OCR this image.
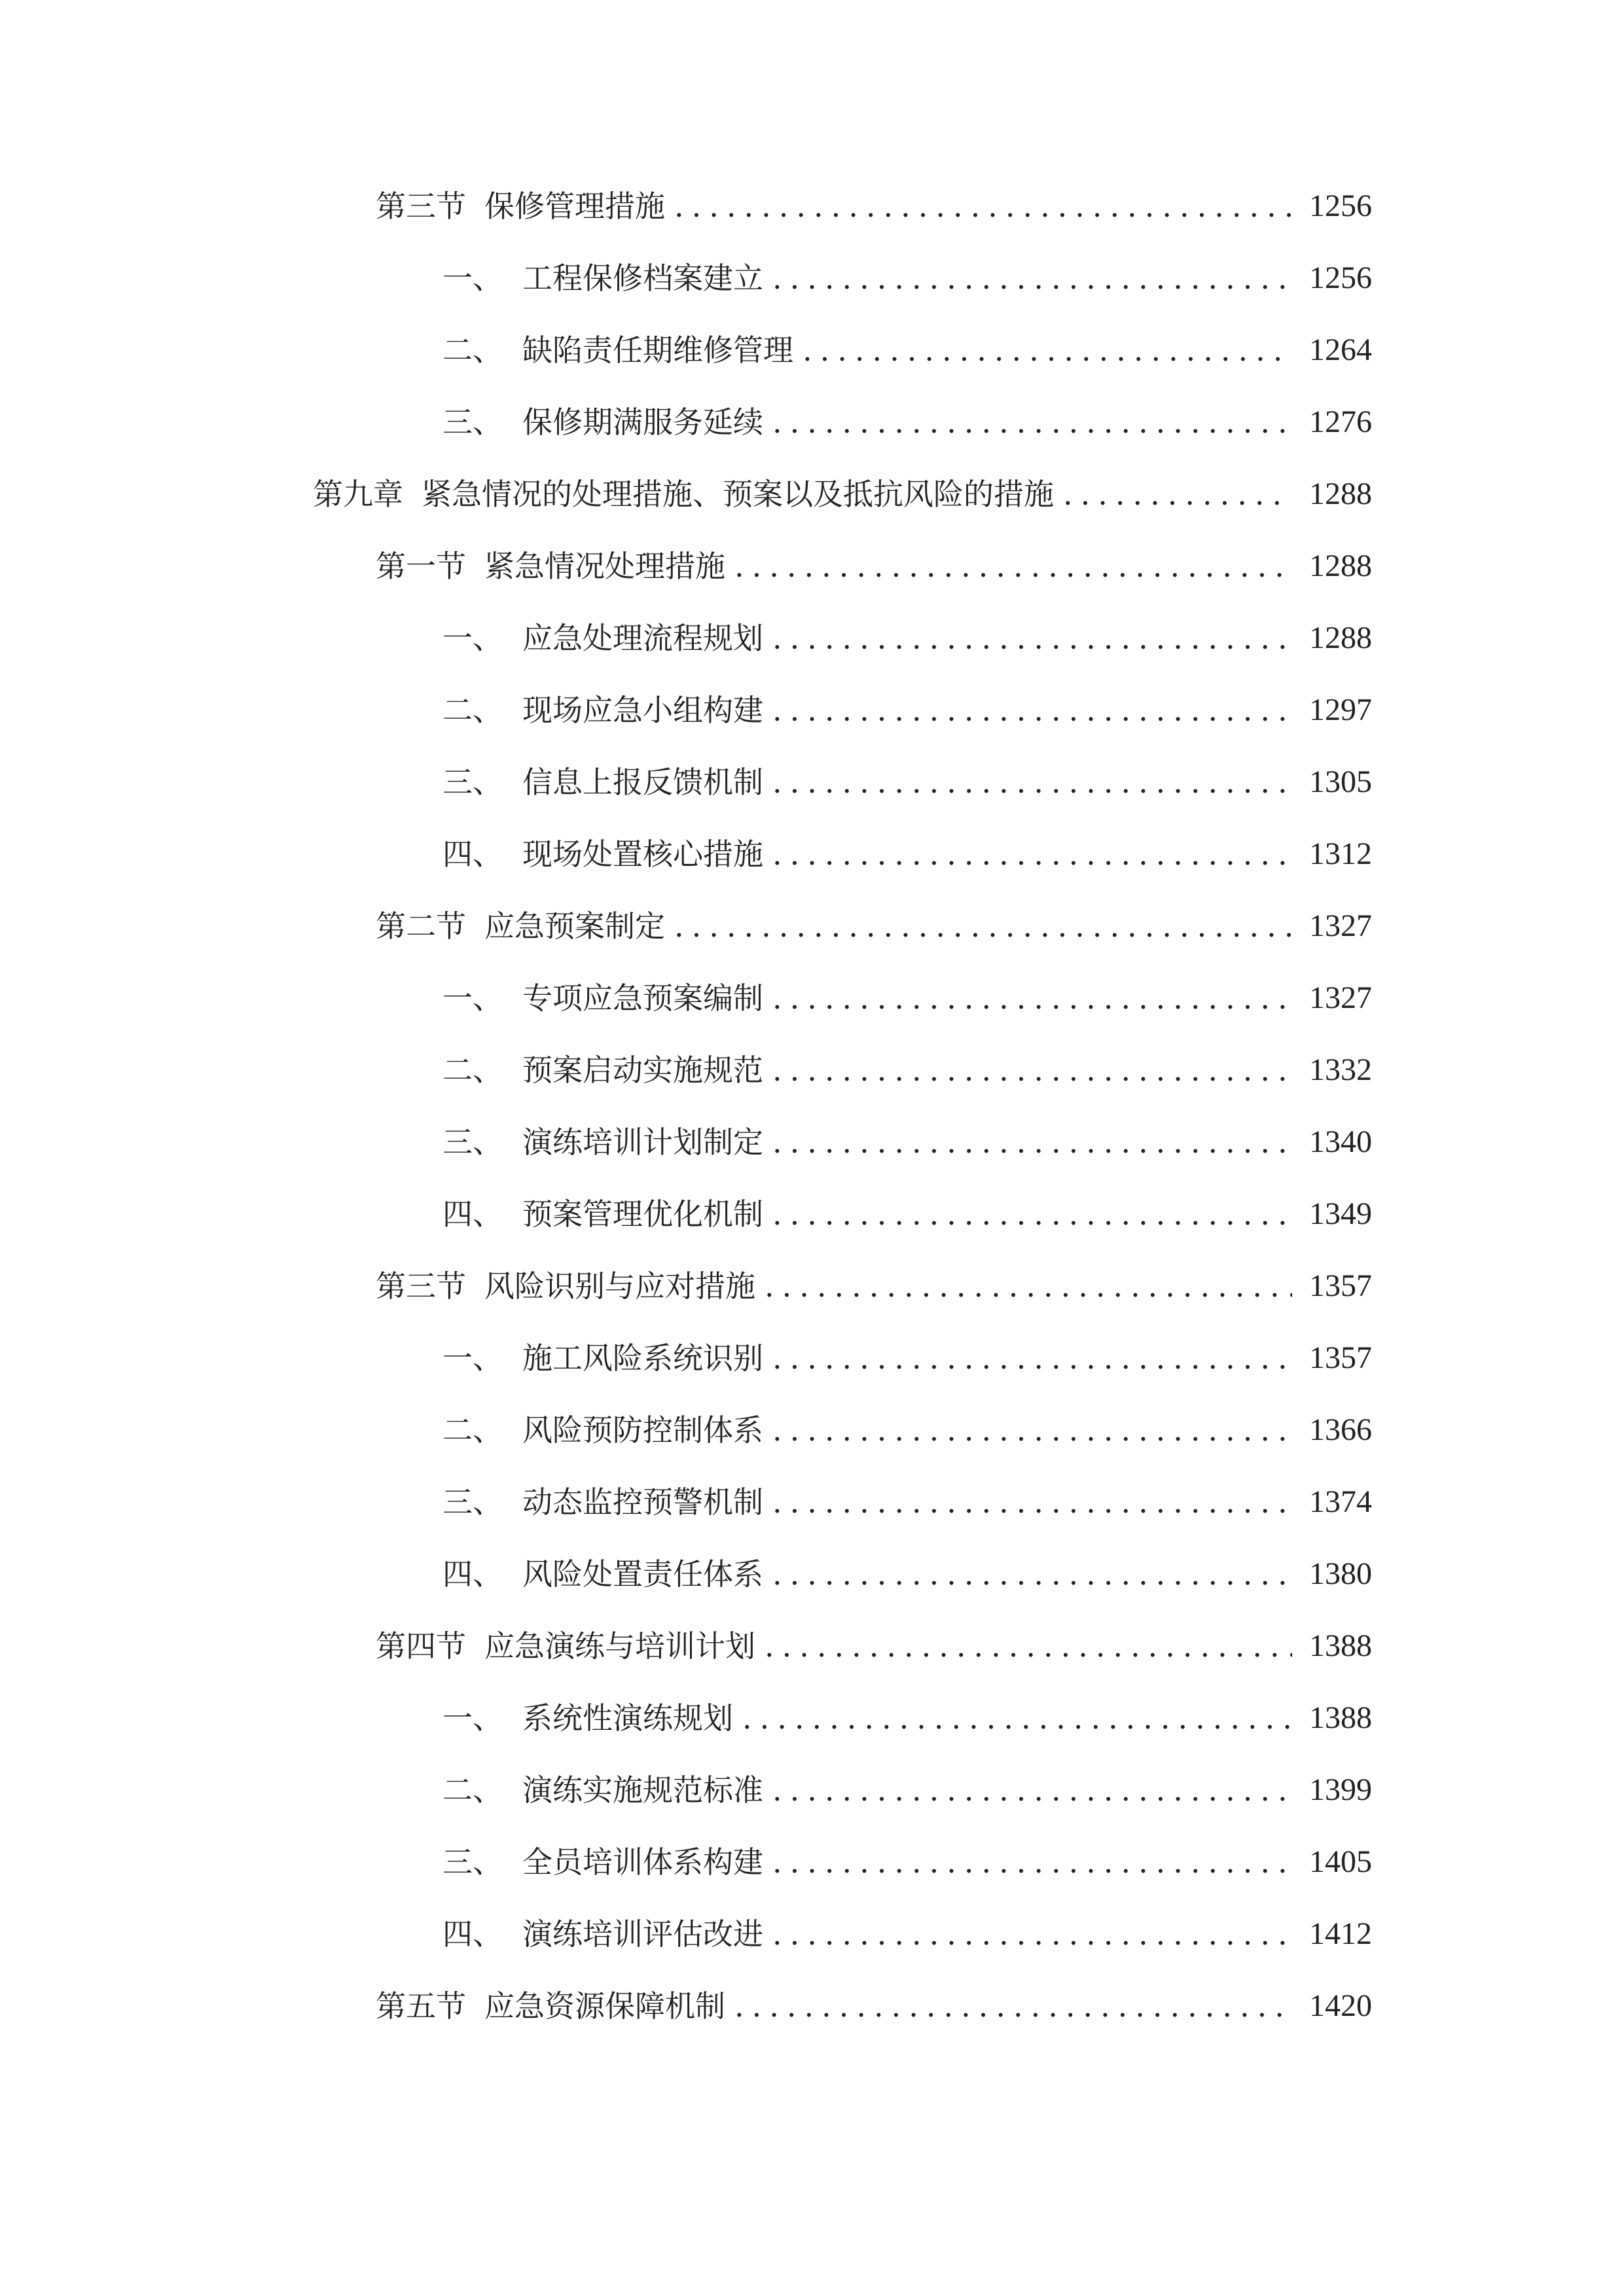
第三节 保修管理措施 .....	1256
一、 工程保修档案建立 .....	1256
二、 缺陷责任期维修管理 .....	1264
三、 保修期满服务延续 .....	1276
第九章 紧急情况的处理措施、预案以及抵抗风险的措施 .....	1288
第一节 紧急情况处理措施 .....	1288
一、 应急处理流程规划 .....	1288
二、 现场应急小组构建 .....	1297
三、 信息上报反馈机制 .....	1305
四、 现场处置核心措施 .....	1312
第二节 应急预案制定 .....	1327
一、 专项应急预案编制 .....	1327
二、 预案启动实施规范 .....	1332
三、 演练培训计划制定 .....	1340
四、 预案管理优化机制 .....	1349
第三节 风险识别与应对措施 .....	1357
一、 施工风险系统识别 .....	1357
二、 风险预防控制体系 .....	1366
三、 动态监控预警机制 .....	1374
四、 风险处置责任体系 .....	1380
第四节 应急演练与培训计划 .....	1388
一、 系统性演练规划 .....	1388
二、 演练实施规范标准 .....	1399
三、 全员培训体系构建 .....	1405
四、 演练培训评估改进 .....	1412
第五节 应急资源保障机制 .....	1420
